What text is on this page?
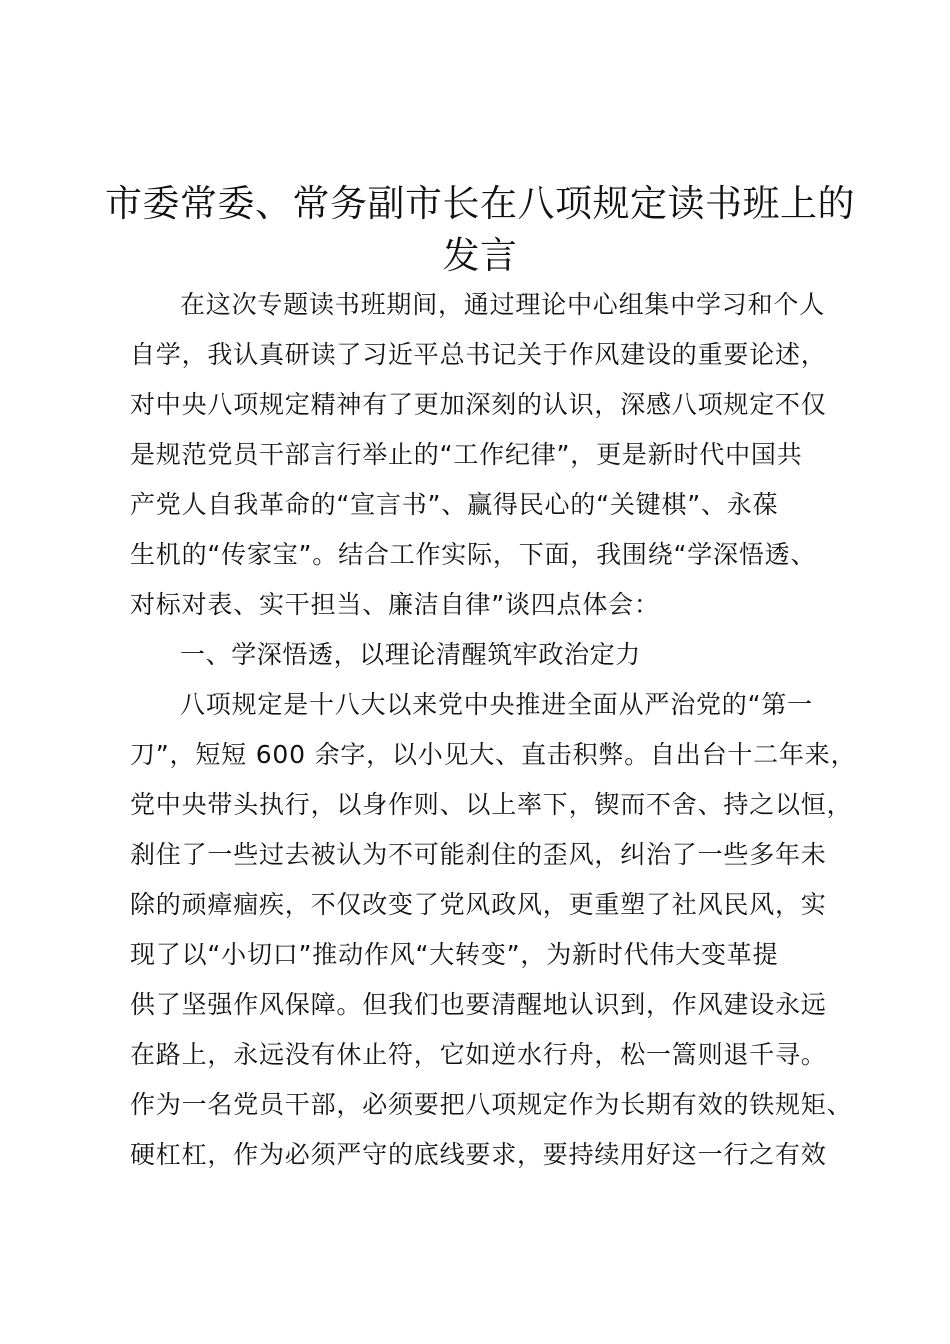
市委常委、常务副市长在八项规定读书班上的
发言
在这次专题读书班期间，通过理论中心组集中学习和个人
自学，我认真研读了习近平总书记关于作风建设的重要论述，
对中央八项规定精神有了更加深刻的认识，深感八项规定不仅
是规范党员干部言行举止的“工作纪律”，更是新时代中国共
产党人自我革命的“宣言书”、赢得民心的“关键棋”、永葆
生机的“传家宝”。结合工作实际，下面，我围绕“学深悟透、
对标对表、实干担当、廉洁自律”谈四点体会：
一、学深悟透，以理论清醒筑牢政治定力
八项规定是十八大以来党中央推进全面从严治党的“第一
刀”，短短 600 余字，以小见大、直击积弊。自出台十二年来，
党中央带头执行，以身作则、以上率下，锲而不舍、持之以恒，
刹住了一些过去被认为不可能刹住的歪风，纠治了一些多年未
除的顽瘴痼疾，不仅改变了党风政风，更重塑了社风民风，实
现了以“小切口”推动作风“大转变”，为新时代伟大变革提
供了坚强作风保障。但我们也要清醒地认识到，作风建设永远
在路上，永远没有休止符，它如逆水行舟，松一篙则退千寻。
作为一名党员干部，必须要把八项规定作为长期有效的铁规矩、
硬杠杠，作为必须严守的底线要求，要持续用好这一行之有效
